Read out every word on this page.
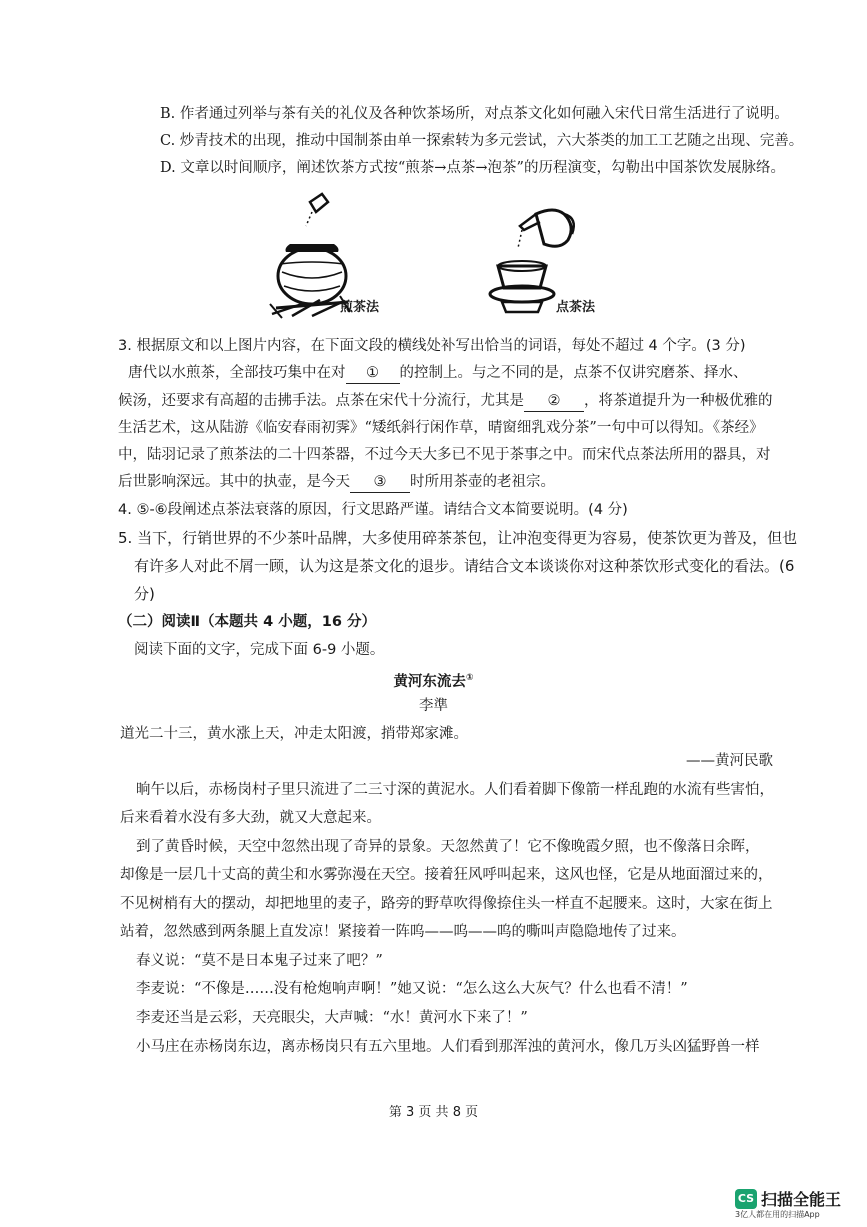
B. 作者通过列举与茶有关的礼仪及各种饮茶场所，对点茶文化如何融入宋代日常生活进行了说明。
C. 炒青技术的出现，推动中国制茶由单一探索转为多元尝试，六大茶类的加工工艺随之出现、完善。
D. 文章以时间顺序，阐述饮茶方式按“煎茶→点茶→泡茶”的历程演变，勾勒出中国茶饮发展脉络。
煎茶法	点茶法
3. 根据原文和以上图片内容，在下面文段的横线处补写出恰当的词语，每处不超过 4 个字。(3 分)
唐代以水煎茶，全部技巧集中在对 ① 的控制上。与之不同的是，点茶不仅讲究磨茶、择水、
候汤，还要求有高超的击拂手法。点茶在宋代十分流行，尤其是 ② ，将茶道提升为一种极优雅的
生活艺术，这从陆游《临安春雨初霁》“矮纸斜行闲作草，晴窗细乳戏分茶”一句中可以得知。《茶经》
中，陆羽记录了煎茶法的二十四茶器，不过今天大多已不见于茶事之中。而宋代点茶法所用的器具，对
后世影响深远。其中的执壶，是今天 ③ 时所用茶壶的老祖宗。
4. ⑤-⑥段阐述点茶法衰落的原因，行文思路严谨。请结合文本简要说明。(4 分)
5. 当下，行销世界的不少茶叶品牌，大多使用碎茶茶包，让冲泡变得更为容易，使茶饮更为普及，但也
有许多人对此不屑一顾，认为这是茶文化的退步。请结合文本谈谈你对这种茶饮形式变化的看法。(6
分)
（二）阅读Ⅱ（本题共 4 小题，16 分）
阅读下面的文字，完成下面 6-9 小题。
黄河东流去①
李準
道光二十三，黄水涨上天，冲走太阳渡，捎带郑家滩。
——黄河民歌
晌午以后，赤杨岗村子里只流进了二三寸深的黄泥水。人们看着脚下像箭一样乱跑的水流有些害怕，
后来看着水没有多大劲，就又大意起来。
到了黄昏时候，天空中忽然出现了奇异的景象。天忽然黄了！它不像晚霞夕照，也不像落日余晖，
却像是一层几十丈高的黄尘和水雾弥漫在天空。接着狂风呼叫起来，这风也怪，它是从地面溜过来的，
不见树梢有大的摆动，却把地里的麦子，路旁的野草吹得像捺住头一样直不起腰来。这时，大家在街上
站着，忽然感到两条腿上直发凉！紧接着一阵呜——呜——呜的嘶叫声隐隐地传了过来。
春义说：“莫不是日本鬼子过来了吧？”
李麦说：“不像是……没有枪炮响声啊！”她又说：“怎么这么大灰气？什么也看不清！”
李麦还当是云彩，天亮眼尖，大声喊：“水！黄河水下来了！”
小马庄在赤杨岗东边，离赤杨岗只有五六里地。人们看到那浑浊的黄河水，像几万头凶猛野兽一样
第 3 页 共 8 页
CS 扫描全能王
3亿人都在用的扫描App
